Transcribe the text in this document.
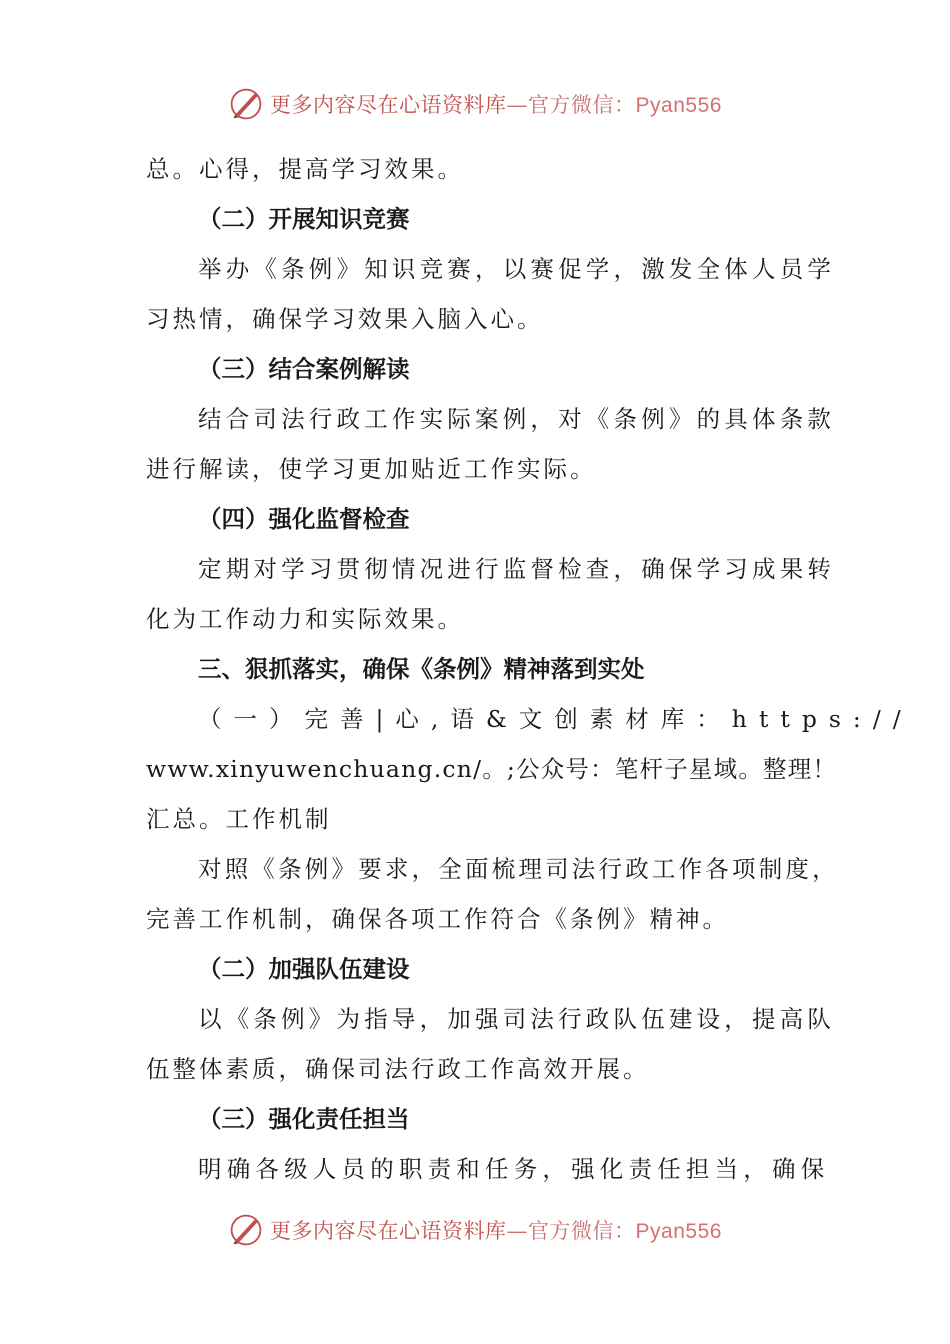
更多内容尽在心语资料库—官方微信：Pyan556
总。心得，提高学习效果。
（二）开展知识竞赛
举办《条例》知识竞赛，以赛促学，激发全体人员学
习热情，确保学习效果入脑入心。
（三）结合案例解读
结合司法行政工作实际案例，对《条例》的具体条款
进行解读，使学习更加贴近工作实际。
（四）强化监督检查
定期对学习贯彻情况进行监督检查，确保学习成果转
化为工作动力和实际效果。
三、狠抓落实，确保《条例》精神落到实处
（一）完善|心,语&文创素材库：https://
www.xinyuwenchuang.cn/。;公众号：笔杆子星域。整理！
汇总。工作机制
对照《条例》要求，全面梳理司法行政工作各项制度，
完善工作机制，确保各项工作符合《条例》精神。
（二）加强队伍建设
以《条例》为指导，加强司法行政队伍建设，提高队
伍整体素质，确保司法行政工作高效开展。
（三）强化责任担当
明确各级人员的职责和任务，强化责任担当，确保
更多内容尽在心语资料库—官方微信：Pyan556
